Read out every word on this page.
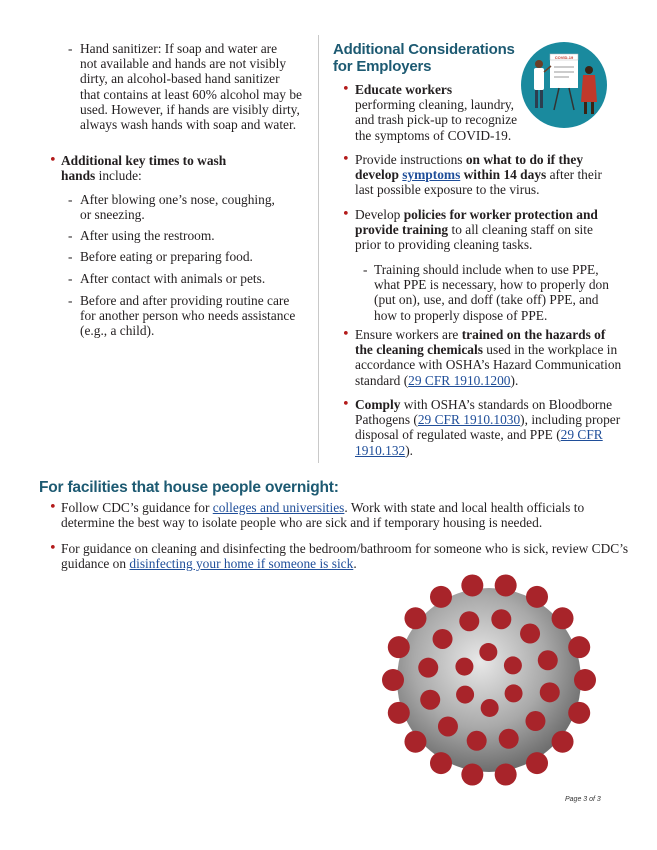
- Hand sanitizer: If soap and water are
not available and hands are not visibly
dirty, an alcohol-based hand sanitizer
that contains at least 60% alcohol may be
used. However, if hands are visibly dirty,
always wash hands with soap and water.
• Additional key times to wash
hands include:
- After blowing one’s nose, coughing,
or sneezing.
- After using the restroom.
- Before eating or preparing food.
- After contact with animals or pets.
- Before and after providing routine care
for another person who needs assistance
(e.g., a child).
Additional Considerations
for Employers
COVID-19
• Educate workers
performing cleaning, laundry,
and trash pick-up to recognize
the symptoms of COVID-19.
• Provide instructions on what to do if they
develop symptoms within 14 days after their
last possible exposure to the virus.
• Develop policies for worker protection and
provide training to all cleaning staff on site
prior to providing cleaning tasks.
- Training should include when to use PPE,
what PPE is necessary, how to properly don
(put on), use, and doff (take off) PPE, and
how to properly dispose of PPE.
• Ensure workers are trained on the hazards of
the cleaning chemicals used in the workplace in
accordance with OSHA’s Hazard Communication
standard (29 CFR 1910.1200).
• Comply with OSHA’s standards on Bloodborne
Pathogens (29 CFR 1910.1030), including proper
disposal of regulated waste, and PPE (29 CFR
1910.132).
For facilities that house people overnight:
• Follow CDC’s guidance for colleges and universities. Work with state and local health officials to
determine the best way to isolate people who are sick and if temporary housing is needed.
• For guidance on cleaning and disinfecting the bedroom/bathroom for someone who is sick, review CDC’s
guidance on disinfecting your home if someone is sick.
Page 3 of 3
